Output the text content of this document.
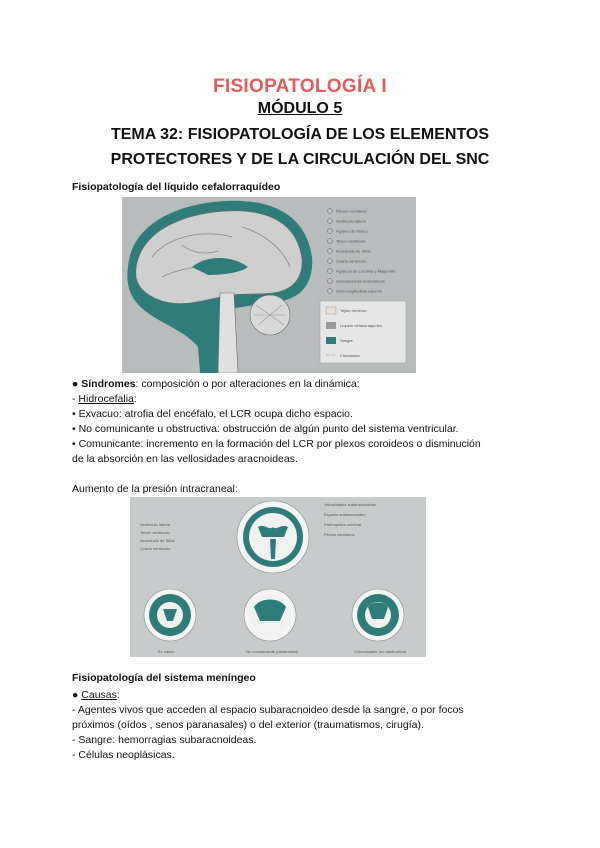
FISIOPATOLOGÍA I
MÓDULO 5
TEMA 32: FISIOPATOLOGÍA DE LOS ELEMENTOS
PROTECTORES Y DE LA CIRCULACIÓN DEL SNC
Fisiopatología del líquido cefalorraquídeo
Tejido nervioso
Líquido cefalorraquídeo
Sangre
Circulación
Plexos coroideos
Ventrículo lateral
Agujero de Monro
Tercer ventrículo
Acueducto de Silvio
Cuarto ventrículo
Agujeros de Luschka y Magendie
Granulaciones aracnoideas
Seno longitudinal superior
● Síndromes: composición o por alteraciones en la dinámica:
- Hidrocefalia:
• Exvacuo: atrofia del encéfalo, el LCR ocupa dicho espacio.
• No comunicante u obstructiva: obstrucción de algún punto del sistema ventricular.
• Comunicante: incremento en la formación del LCR por plexos coroideos o disminución
de la absorción en las vellosidades aracnoideas.
Aumento de la presión intracraneal:
Ventrículo lateral
Tercer ventrículo
Acueducto de Silvio
Cuarto ventrículo
Vellosidades subaracnoideas
Espacio subaracnoideo
Parénquima cerebral
Plexos coroideos
Ex vacuo	No comunicante (obstructiva)	Comunicante (no obstructiva)
Fisiopatología del sistema meníngeo
● Causas:
- Agentes vivos que acceden al espacio subaracnoideo desde la sangre, o por focos
próximos (oídos , senos paranasales) o del exterior (traumatismos, cirugía).
- Sangre: hemorragias subaracnoideas.
- Células neoplásicas.
